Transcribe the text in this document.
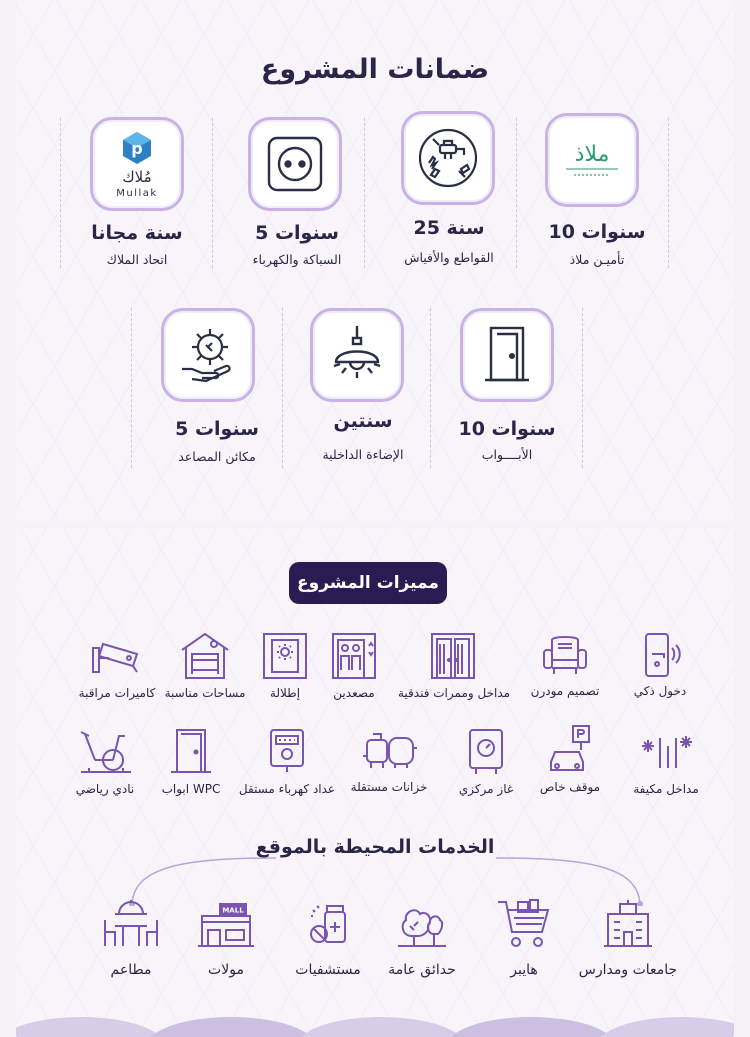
ضمانات المشروع
ملاذ
10 سنوات
تأميـن ملاذ
25 سنة
القواطع والأفياش
5 سنوات
السباكة والكهرباء
p
مُلاك
Mullak
سنة مجانا
اتحاد الملاك
10 سنوات
الأبــــواب
سنتين
الإضاءة الداخلية
5 سنوات
مكائن المصاعد
مميزات المشروع
دخول ذكي
تصميم مودرن
مداخل وممرات فندقية
مصعدين
إطلالة
مساحات مناسبة
كاميرات مراقبة
مداخل مكيفة
موقف خاص
غاز مركزي
خزانات مستقلة
عداد كهرباء مستقل
ابواب WPC
نادي رياضي
الخدمات المحيطة بالموقع
جامعات ومدارس
هايبر
حدائق عامة
مستشفيات
MALL
مولات
مطاعم
